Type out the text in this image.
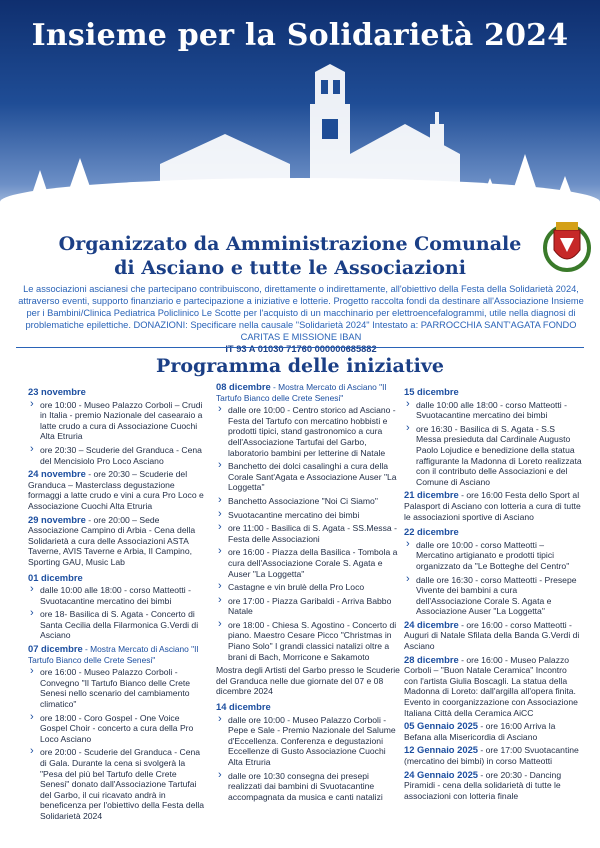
Insieme per la Solidarietà 2024
Organizzato da Amministrazione Comunale
di Asciano e tutte le Associazioni
Le associazioni ascianesi che partecipano contribuiscono, direttamente o indirettamente, all'obiettivo della Festa della Solidarietà 2024, attraverso eventi, supporto finanziario e partecipazione a iniziative e lotterie. Progetto raccolta fondi da destinare all'Associazione Insieme per i Bambini/Clinica Pediatrica Policlinico Le Scotte per l'acquisto di un macchinario per elettroencefalogrammi, utile nella diagnosi di problematiche epilettiche. DONAZIONI: Specificare nella causale "Solidarietà 2024" Intestato a: PARROCCHIA SANT'AGATA FONDO CARITAS E MISSIONE IBAN
IT 93 A 01030 71760 000000685882
Programma delle iniziative
23 novembre
› ore 10:00 - Museo Palazzo Corboli – Crudi in Italia - premio Nazionale del casearaio a latte crudo a cura di Associazione Cuochi Alta Etruria
› ore 20:30 – Scuderie del Granduca - Cena del Mencisiolo Pro Loco Asciano

24 novembre - ore 20:30 – Scuderie del Granduca – Masterclass degustazione formaggi a latte crudo e vini a cura Pro Loco e Associazione Cuochi Alta Etruria

29 novembre - ore 20:00 – Sede Associazione Campino di Arbia - Cena della Solidarietà a cura delle Associazioni ASTA Taverne, AVIS Taverne e Arbia, Il Campino, Sporting GAU, Music Lab

01 dicembre
› dalle 10:00 alle 18:00 - corso Matteotti - Svuotacantine mercatino dei bimbi
› ore 18- Basilica di S. Agata - Concerto di Santa Cecilia della Filarmonica G.Verdi di Asciano
07 dicembre - Mostra Mercato di Asciano "Il Tartufo Bianco delle Crete Senesi"
› ore 16:00 - Museo Palazzo Corboli - Convegno "Il Tartufo Bianco delle Crete Senesi nello scenario del cambiamento climatico"
› ore 18:00 - Coro Gospel - One Voice Gospel Choir - concerto a cura della Pro Loco Asciano
› ore 20:00 - Scuderie del Granduca - Cena di Gala. Durante la cena si svolgerà la "Pesa del più bel Tartufo delle Crete Senesi" donato dall'Associazione Tartufai del Garbo, il cui ricavato andrà in beneficenza per l'obiettivo della Festa della Solidarietà 2024
08 dicembre - Mostra Mercato di Asciano "Il Tartufo Bianco delle Crete Senesi"
› dalle ore 10:00 - Centro storico ad Asciano - Festa del Tartufo con mercatino hobbisti e prodotti tipici, stand gastronomico a cura dell'Associazione Tartufai del Garbo, laboratorio bambini per letterine di Natale
› Banchetto dei dolci casalinghi a cura della Corale Sant'Agata e Associazione Auser "La Loggetta"
› Banchetto Associazione "Noi Ci Siamo"
› Svuotacantine mercatino dei bimbi
› ore 11:00 - Basilica di S. Agata - SS.Messa - Festa delle Associazioni
› ore 16:00 - Piazza della Basilica - Tombola a cura dell'Associazione Corale S. Agata e Auser "La Loggetta"
› Castagne e vin brulè della Pro Loco
› ore 17:00 - Piazza Garibaldi - Arriva Babbo Natale
› ore 18:00 - Chiesa S. Agostino - Concerto di piano. Maestro Cesare Picco "Christmas in Piano Solo" I grandi classici natalizi oltre a brani di Bach, Morricone e Sakamoto

Mostra degli Artisti del Garbo presso le Scuderie del Granduca nelle due giornate del 07 e 08 dicembre 2024

14 dicembre
› dalle ore 10:00 - Museo Palazzo Corboli - Pepe e Sale - Premio Nazionale del Salume d'Eccellenza. Conferenza e degustazioni Eccellenze di Gusto Associazione Cuochi Alta Etruria
› dalle ore 10:30 consegna dei presepi realizzati dai bambini di Svuotacantine accompagnata da musica e canti natalizi
15 dicembre
› dalle 10:00 alle 18:00 - corso Matteotti - Svuotacantine mercatino dei bimbi
› ore 16:30 - Basilica di S. Agata - S.S Messa presieduta dal Cardinale Augusto Paolo Lojudice e benedizione della statua raffigurante la Madonna di Loreto realizzata con il contributo delle Associazioni e del Comune di Asciano

21 dicembre - ore 16:00 Festa dello Sport al Palasport di Asciano con lotteria a cura di tutte le associazioni sportive di Asciano

22 dicembre
› dalle ore 10:00 - corso Matteotti – Mercatino artigianato e prodotti tipici organizzato da "Le Botteghe del Centro"
› dalle ore 16:30 - corso Matteotti - Presepe Vivente dei bambini a cura dell'Associazione Corale S. Agata e Associazione Auser "La Loggetta"

24 dicembre - ore 16:00 - corso Matteotti - Auguri di Natale Sfilata della Banda G.Verdi di Asciano

28 dicembre - ore 16:00 - Museo Palazzo Corboli – "Buon Natale Ceramica" Incontro con l'artista Giulia Boscagli. La statua della Madonna di Loreto: dall'argilla all'opera finita. Evento in coorganizzazione con Associazione Italiana Città della Ceramica AiCC

05 Gennaio 2025 - ore 16:00 Arriva la Befana alla Misericordia di Asciano

12 Gennaio 2025 - ore 17:00 Svuotacantine (mercatino dei bimbi) in corso Matteotti

24 Gennaio 2025 - ore 20:30 - Dancing Piramidi - cena della solidarietà di tutte le associazioni con lotteria finale
